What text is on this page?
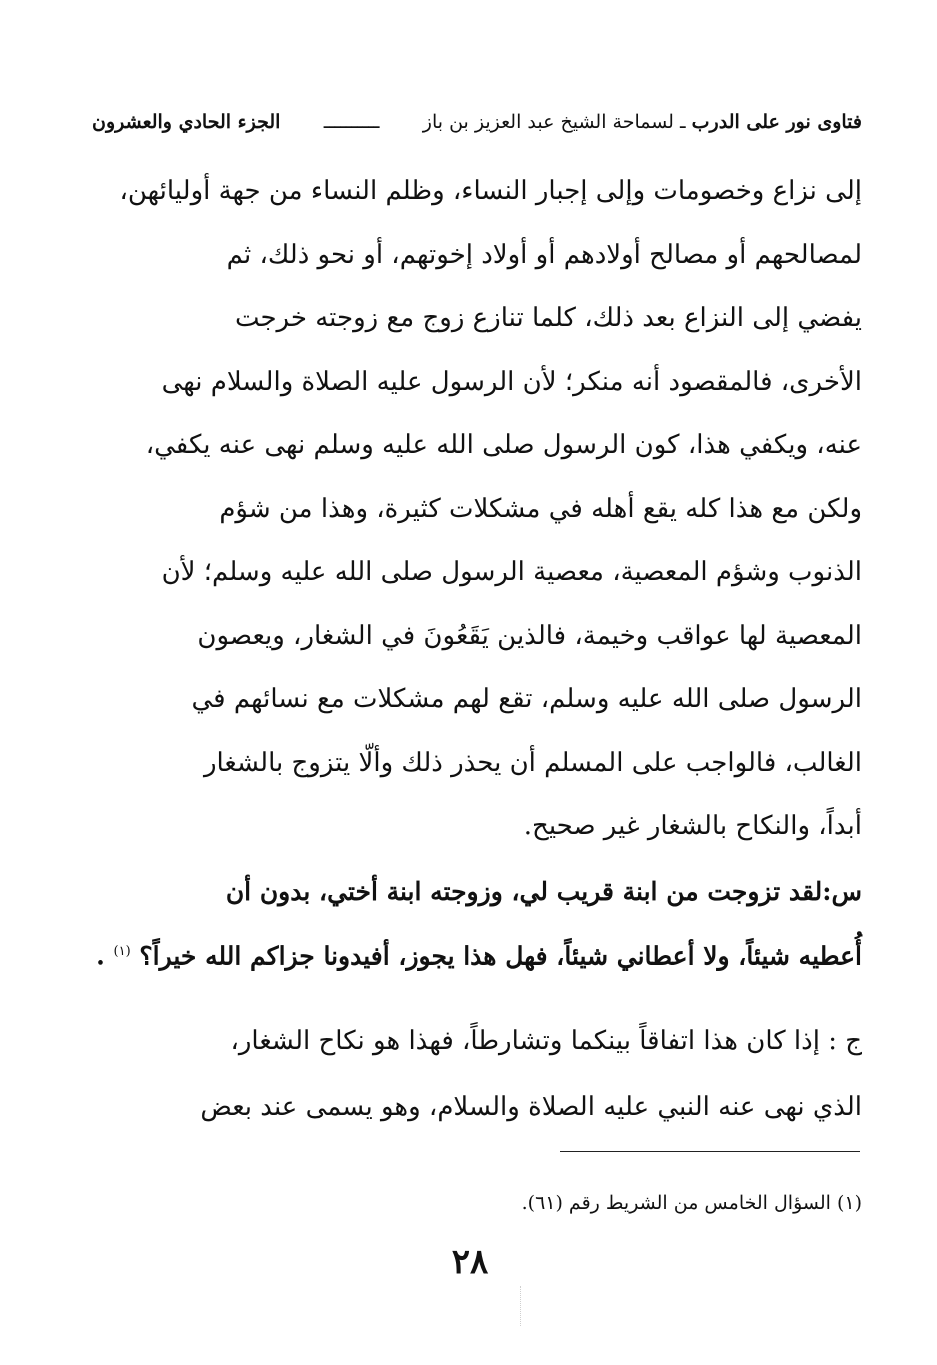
فتاوى نور على الدرب ـ لسماحة الشيخ عبد العزيز بن باز
ــــــــــ
الجزء الحادي والعشرون
إلى نزاع وخصومات وإلى إجبار النساء، وظلم النساء من جهة أوليائهن،
لمصالحهم أو مصالح أولادهم أو أولاد إخوتهم، أو نحو ذلك، ثم
يفضي إلى النزاع بعد ذلك، كلما تنازع زوج مع زوجته خرجت
الأخرى، فالمقصود أنه منكر؛ لأن الرسول عليه الصلاة والسلام نهى
عنه، ويكفي هذا، كون الرسول صلى الله عليه وسلم نهى عنه يكفي،
ولكن مع هذا كله يقع أهله في مشكلات كثيرة، وهذا من شؤم
الذنوب وشؤم المعصية، معصية الرسول صلى الله عليه وسلم؛ لأن
المعصية لها عواقب وخيمة، فالذين يَقَعُونَ في الشغار، ويعصون
الرسول صلى الله عليه وسلم، تقع لهم مشكلات مع نسائهم في
الغالب، فالواجب على المسلم أن يحذر ذلك وألّا يتزوج بالشغار
أبداً، والنكاح بالشغار غير صحيح.
س:لقد تزوجت من ابنة قريب لي، وزوجته ابنة أختي، بدون أن
أُعطيه شيئاً، ولا أعطاني شيئاً، فهل هذا يجوز، أفيدونا جزاكم الله خيراً؟ $^{(١)}$ .
ج : إذا كان هذا اتفاقاً بينكما وتشارطاً، فهذا هو نكاح الشغار،
الذي نهى عنه النبي عليه الصلاة والسلام، وهو يسمى عند بعض
(١) السؤال الخامس من الشريط رقم (٦١).
٢٨
